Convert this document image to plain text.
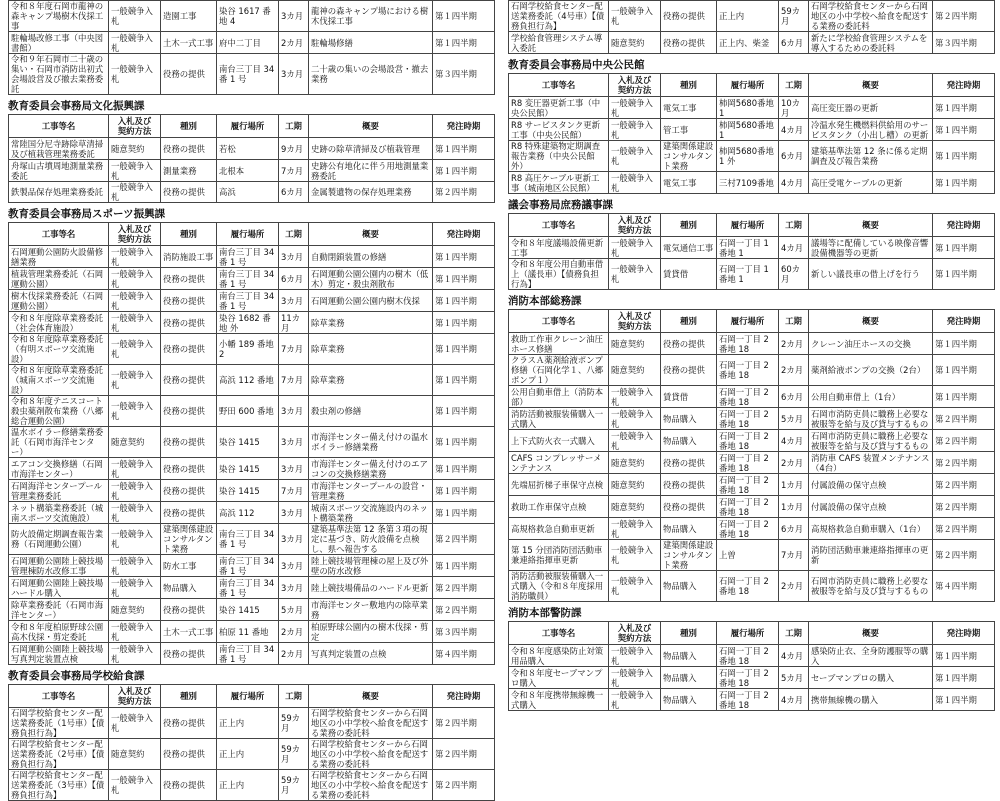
令和８年度石岡市龍神の森キャンプ場樹木伐採工事	一般競争入札	造園工事	染谷 1617 番地 4	3カ月	龍神の森キャンプ場における樹木伐採工事	第１四半期
駐輪場改修工事（中央図書館）	一般競争入札	土木一式工事	府中二丁目	2カ月	駐輪場修繕	第１四半期
令和９年石岡市二十歳の集い・石岡市消防出初式会場設営及び撤去業務委託	一般競争入札	役務の提供	南台三丁目 34 番 1 号	3カ月	二十歳の集いの会場設営・撤去業務	第３四半期
教育委員会事務局文化振興課
工事等名	入札及び
契約方法	種別	履行場所	工期	概要	発注時期
常陸国分尼寺跡除草清掃及び植栽管理業務委託	随意契約	役務の提供	若松	9カ月	史跡の除草清掃及び植栽管理	第１四半期
舟塚山古墳周地測量業務委託	一般競争入札	測量業務	北根本	7カ月	史跡公有地化に伴う用地測量業務委託	第１四半期
鉄製品保存処理業務委託	一般競争入札	役務の提供	高浜	6カ月	金属製遺物の保存処理業務	第２四半期
教育委員会事務局スポーツ振興課
工事等名	入札及び
契約方法	種別	履行場所	工期	概要	発注時期
石岡運動公園防火設備修繕業務	一般競争入札	消防施設工事	南台三丁目 34 番 1 号	3カ月	自動閉鎖装置の修繕	第１四半期
植栽管理業務委託（石岡運動公園）	一般競争入札	役務の提供	南台三丁目 34 番 1 号	6カ月	石岡運動公園公園内の樹木（低木）剪定・殺虫剤散布	第１四半期
樹木伐採業務委託（石岡運動公園）	一般競争入札	役務の提供	南台三丁目 34 番 1 号	3カ月	石岡運動公園公園内樹木伐採	第１四半期
令和８年度除草業務委託（社会体育施設）	一般競争入札	役務の提供	染谷 1682 番地 外	11カ月	除草業務	第１四半期
令和８年度除草業務委託（有明スポーツ交流施設）	一般競争入札	役務の提供	小幡 189 番地 2	7カ月	除草業務	第１四半期
令和８年度除草業務委託（城南スポーツ交流施設）	一般競争入札	役務の提供	高浜 112 番地	7カ月	除草業務	第１四半期
令和８年度テニスコート殺虫薬剤散布業務（八郷総合運動公園）	一般競争入札	役務の提供	野田 600 番地	3カ月	殺虫剤の修繕	第１四半期
温水ボイラー修繕業務委託（石岡市海洋センター）	随意契約	役務の提供	染谷 1415	3カ月	市海洋センター備え付けの温水ボイラー修繕業務	第１四半期
エアコン交換修繕（石岡市海洋センター）	一般競争入札	役務の提供	染谷 1415	3カ月	市海洋センター備え付けのエアコンの交換修繕業務	第１四半期
石岡海洋センタープール管理業務委託	一般競争入札	役務の提供	染谷 1415	7カ月	市海洋センタープールの設営・管理業務	第１四半期
ネット構築業務委託（城南スポーツ交流施設）	一般競争入札	役務の提供	高浜 112	3カ月	城南スポーツ交流施設内のネット構築業務	第１四半期
防火設備定期調査報告業務（石岡運動公園）	一般競争入札	建築関係建設コンサルタント業務	南台三丁目 34 番 1 号	3カ月	建築基準法第 12 条第３項の規定に基づき、防火設備を点検し、県へ報告する	第２四半期
石岡運動公園陸上競技場管理棟防水改修工事	一般競争入札	防水工事	南台三丁目 34 番 1 号	3カ月	陸上競技場管理棟の屋上及び外壁の防水改修	第１四半期
石岡運動公園陸上競技場ハードル購入	一般競争入札	物品購入	南台三丁目 34 番 1 号	3カ月	陸上競技場備品のハードル更新	第２四半期
除草業務委託（石岡市海洋センター）	随意契約	役務の提供	染谷 1415	5カ月	市海洋センター敷地内の除草業務	第２四半期
令和８年度柏原野球公園高木伐採・剪定委託	一般競争入札	土木一式工事	柏原 11 番地	2カ月	柏原野球公園内の樹木伐採・剪定	第３四半期
石岡運動公園陸上競技場写真判定装置点検	一般競争入札	役務の提供	南台三丁目 34 番 1 号	2カ月	写真判定装置の点検	第４四半期
教育委員会事務局学校給食課
工事等名	入札及び
契約方法	種別	履行場所	工期	概要	発注時期
石岡学校給食センター配送業務委託（1号車）【債務負担行為】	一般競争入札	役務の提供	正上内	59カ月	石岡学校給食センターから石岡地区の小中学校へ給食を配送する業務の委託料	第２四半期
石岡学校給食センター配送業務委託（2号車）【債務負担行為】	随意契約	役務の提供	正上内	59カ月	石岡学校給食センターから石岡地区の小中学校へ給食を配送する業務の委託料	第２四半期
石岡学校給食センター配送業務委託（3号車）【債務負担行為】	一般競争入札	役務の提供	正上内	59カ月	石岡学校給食センターから石岡地区の小中学校へ給食を配送する業務の委託料	第２四半期
石岡学校給食センター配送業務委託（4号車）【債務負担行為】	一般競争入札	役務の提供	正上内	59カ月	石岡学校給食センターから石岡地区の小中学校へ給食を配送する業務の委託料	第２四半期
学校給食管理システム導入委託	随意契約	役務の提供	正上内、柴釜	6カ月	新たに学校給食管理システムを導入するための委託料	第３四半期
教育委員会事務局中央公民館
工事等名	入札及び
契約方法	種別	履行場所	工期	概要	発注時期
R8 変圧器更新工事（中央公民館）	一般競争入札	電気工事	柿岡5680番地 1	10カ月	高圧変圧器の更新	第１四半期
R8 サービスタンク更新工事（中央公民館）	一般競争入札	管工事	柿岡5680番地 1	4カ月	冷温水発生機燃料供給用のサービスタンク（小出し槽）の更新	第１四半期
R8 特殊建築物定期調査報告業務（中央公民館外）	一般競争入札	建築関係建設コンサルタント業務	柿岡5680番地 1 外	6カ月	建築基準法第 12 条に係る定期調査及び報告業務	第１四半期
R8 高圧ケーブル更新工事（城南地区公民館）	一般競争入札	電気工事	三村7109番地	4カ月	高圧受電ケーブルの更新	第１四半期
議会事務局庶務議事課
工事等名	入札及び
契約方法	種別	履行場所	工期	概要	発注時期
令和８年度議場設備更新工事	一般競争入札	電気通信工事	石岡一丁目 1 番地 1	4カ月	議場等に配備している映像音響設備機器等の更新	第１四半期
令和８年度公用自動車借上（議長車）【債務負担行為】	一般競争入札	賃貸借	石岡一丁目 1 番地 1	60カ月	新しい議長車の借上げを行う	第１四半期
消防本部総務課
工事等名	入札及び
契約方法	種別	履行場所	工期	概要	発注時期
救助工作車クレーン油圧ホース修繕	随意契約	役務の提供	石岡一丁目 2 番地 18	2カ月	クレーン油圧ホースの交換	第１四半期
クラスＡ薬剤給液ポンプ修繕（石岡化学１、八郷ポンプ１）	随意契約	役務の提供	石岡一丁目 2 番地 18	2カ月	薬剤給液ポンプの交換（2台）	第１四半期
公用自動車借上（消防本部）	一般競争入札	賃貸借	石岡一丁目 2 番地 18	6カ月	公用自動車借上（1台）	第１四半期
消防活動被服装備購入一式購入	一般競争入札	物品購入	石岡一丁目 2 番地 18	5カ月	石岡市消防吏員に職務上必要な被服等を給与及び貸与するもの	第２四半期
上下式防火衣一式購入	一般競争入札	物品購入	石岡一丁目 2 番地 18	4カ月	石岡市消防吏員に職務上必要な被服等を給与及び貸与するもの	第２四半期
CAFS コンプレッサーメンテナンス	随意契約	役務の提供	石岡一丁目 2 番地 18	2カ月	消防車 CAFS 装置メンテナンス（4台）	第２四半期
先端屈折梯子車保守点検	随意契約	役務の提供	石岡一丁目 2 番地 18	1カ月	付属設備の保守点検	第２四半期
救助工作車保守点検	随意契約	役務の提供	石岡一丁目 2 番地 18	1カ月	付属設備の保守点検	第２四半期
高規格救急自動車更新	一般競争入札	物品購入	石岡一丁目 2 番地 18	6カ月	高規格救急自動車購入（1台）	第２四半期
第 15 分団消防団活動車兼連絡指揮車更新	一般競争入札	建築関係建設コンサルタント業務	上曽	7カ月	消防団活動車兼連絡指揮車の更新	第２四半期
消防活動被服装備購入一式購入（令和８年度採用消防職員）	一般競争入札	物品購入	石岡一丁目 2 番地 18	2カ月	石岡市消防吏員に職務上必要な被服等を給与及び貸与するもの	第４四半期
消防本部警防課
工事等名	入札及び
契約方法	種別	履行場所	工期	概要	発注時期
令和８年度感染防止対策用品購入	一般競争入札	物品購入	石岡一丁目 2 番地 18	4カ月	感染防止衣、全身防護服等の購入	第１四半期
令和８年度セーブマンプロ購入	一般競争入札	物品購入	石岡一丁目 2 番地 18	5カ月	セーブマンプロの購入	第１四半期
令和８年度携帯無線機一式購入	一般競争入札	物品購入	石岡一丁目 2 番地 18	4カ月	携帯無線機の購入	第１四半期
